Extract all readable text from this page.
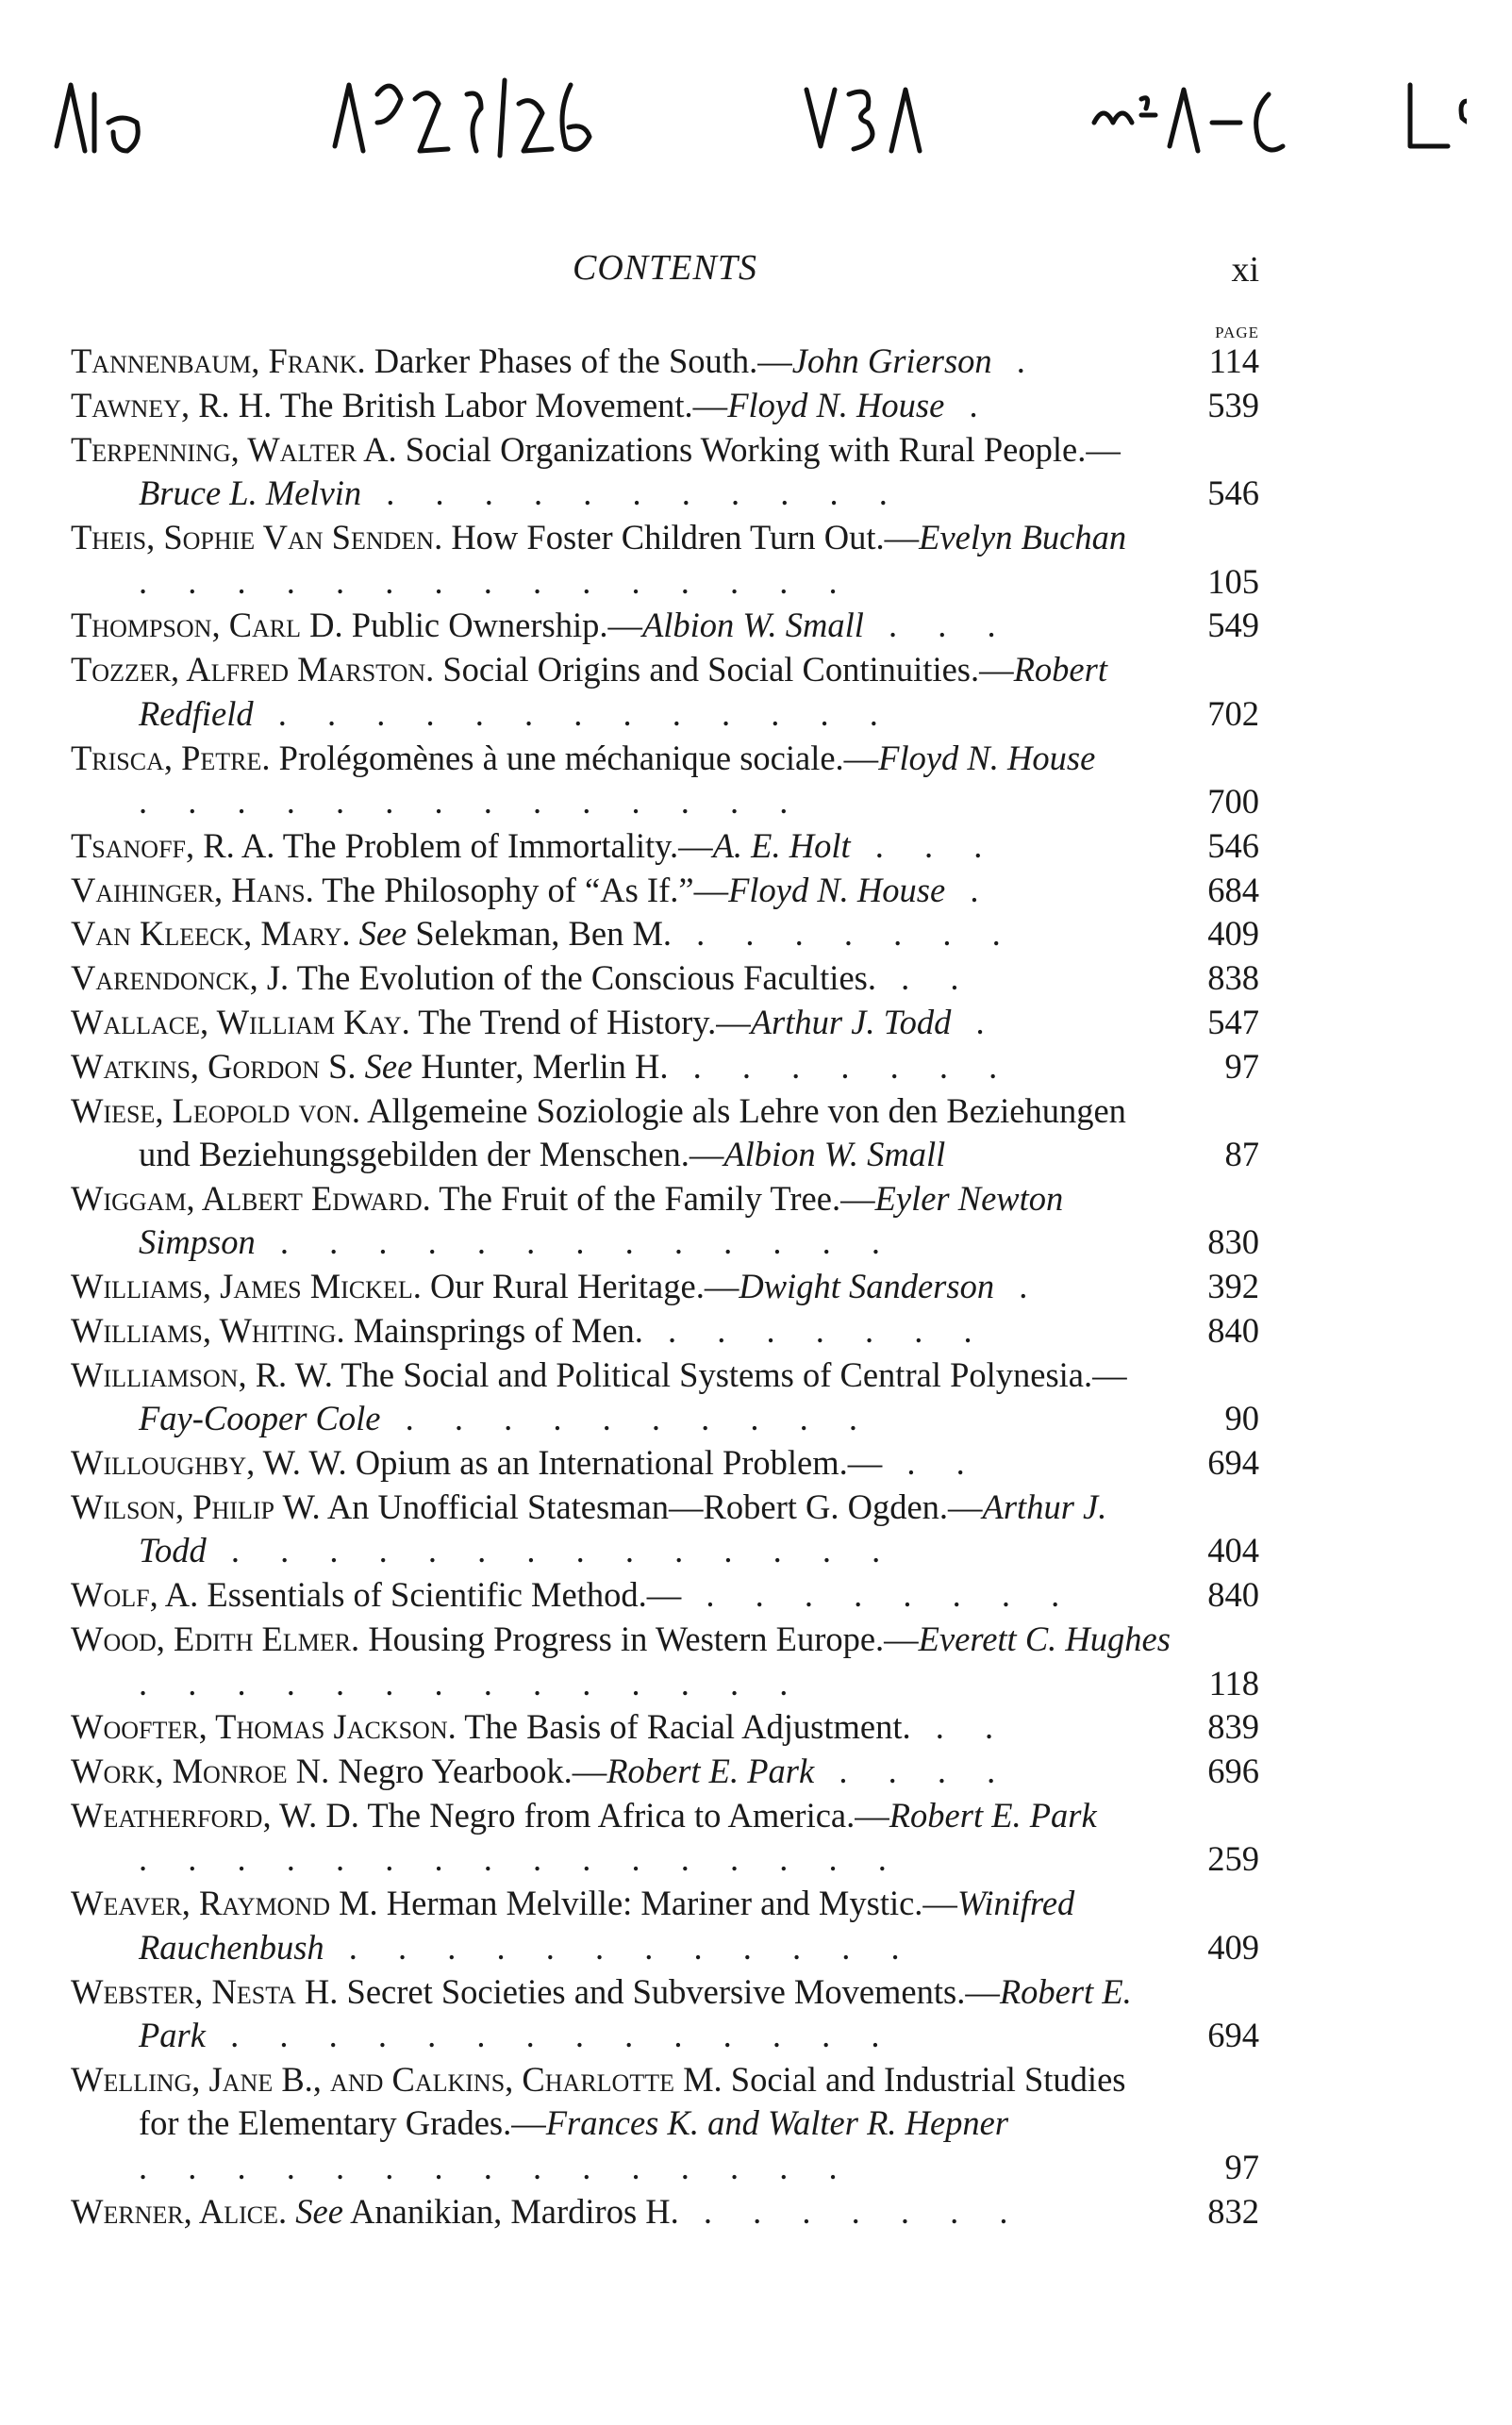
CONTENTS	xi
PAGE
Tannenbaum, Frank. Darker Phases of the South.—John Grierson .	114
Tawney, R. H. The British Labor Movement.—Floyd N. House .	539
Terpenning, Walter A. Social Organizations Working with Rural People.—Bruce L. Melvin . . . . . . . . . . .	546
Theis, Sophie Van Senden. How Foster Children Turn Out.—Evelyn Buchan . . . . . . . . . . . . . . .	105
Thompson, Carl D. Public Ownership.—Albion W. Small . . .	549
Tozzer, Alfred Marston. Social Origins and Social Continuities.—Robert Redfield . . . . . . . . . . . . .	702
Trisca, Petre. Prolégomènes à une méchanique sociale.—Floyd N. House . . . . . . . . . . . . . .	700
Tsanoff, R. A. The Problem of Immortality.—A. E. Holt . . .	546
Vaihinger, Hans. The Philosophy of “As If.”—Floyd N. House .	684
Van Kleeck, Mary. See Selekman, Ben M. . . . . . . .	409
Varendonck, J. The Evolution of the Conscious Faculties. . .	838
Wallace, William Kay. The Trend of History.—Arthur J. Todd .	547
Watkins, Gordon S. See Hunter, Merlin H. . . . . . . .	97
Wiese, Leopold von. Allgemeine Soziologie als Lehre von den Beziehungen und Beziehungsgebilden der Menschen.—Albion W. Small	87
Wiggam, Albert Edward. The Fruit of the Family Tree.—Eyler Newton Simpson . . . . . . . . . . . . .	830
Williams, James Mickel. Our Rural Heritage.—Dwight Sanderson .	392
Williams, Whiting. Mainsprings of Men. . . . . . . .	840
Williamson, R. W. The Social and Political Systems of Central Polynesia.—Fay-Cooper Cole . . . . . . . . . .	90
Willoughby, W. W. Opium as an International Problem.— . .	694
Wilson, Philip W. An Unofficial Statesman—Robert G. Ogden.—Arthur J. Todd . . . . . . . . . . . . . .	404
Wolf, A. Essentials of Scientific Method.— . . . . . . . .	840
Wood, Edith Elmer. Housing Progress in Western Europe.—Everett C. Hughes . . . . . . . . . . . . . .	118
Woofter, Thomas Jackson. The Basis of Racial Adjustment. . .	839
Work, Monroe N. Negro Yearbook.—Robert E. Park . . . .	696
Weatherford, W. D. The Negro from Africa to America.—Robert E. Park . . . . . . . . . . . . . . . .	259
Weaver, Raymond M. Herman Melville: Mariner and Mystic.—Winifred Rauchenbush . . . . . . . . . . . .	409
Webster, Nesta H. Secret Societies and Subversive Movements.—Robert E. Park . . . . . . . . . . . . . .	694
Welling, Jane B., and Calkins, Charlotte M. Social and Industrial Studies for the Elementary Grades.—Frances K. and Walter R. Hepner . . . . . . . . . . . . . . .	97
Werner, Alice. See Ananikian, Mardiros H. . . . . . . .	832
